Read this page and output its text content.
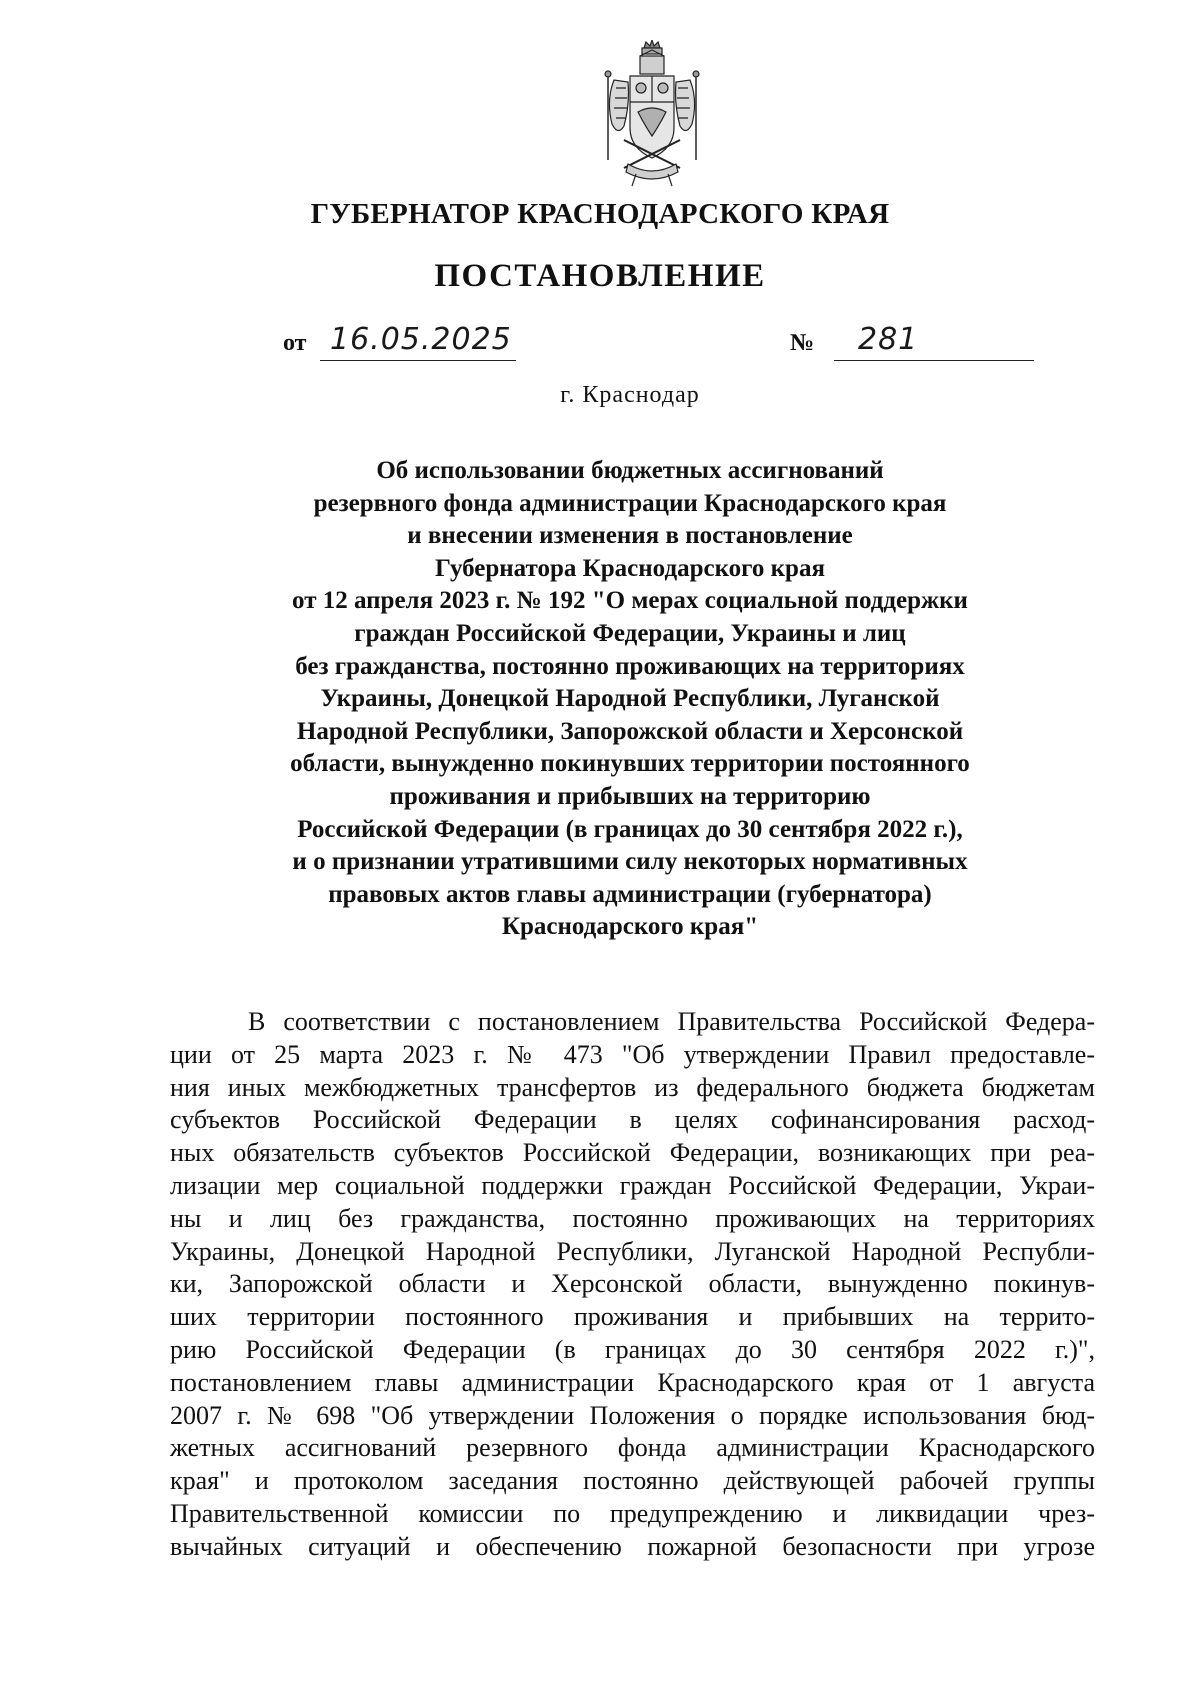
ГУБЕРНАТОР КРАСНОДАРСКОГО КРАЯ
ПОСТАНОВЛЕНИЕ
от 16.05.2025	№ 281
г. Краснодар
Об использовании бюджетных ассигнований
резервного фонда администрации Краснодарского края
и внесении изменения в постановление
Губернатора Краснодарского края
от 12 апреля 2023 г. № 192 "О мерах социальной поддержки
граждан Российской Федерации, Украины и лиц
без гражданства, постоянно проживающих на территориях
Украины, Донецкой Народной Республики, Луганской
Народной Республики, Запорожской области и Херсонской
области, вынужденно покинувших территории постоянного
проживания и прибывших на территорию
Российской Федерации (в границах до 30 сентября 2022 г.),
и о признании утратившими силу некоторых нормативных
правовых актов главы администрации (губернатора)
Краснодарского края"
В соответствии с постановлением Правительства Российской Федера-
ции от 25 марта 2023 г. № 473 "Об утверждении Правил предоставле-
ния иных межбюджетных трансфертов из федерального бюджета бюджетам
субъектов Российской Федерации в целях софинансирования расход-
ных обязательств субъектов Российской Федерации, возникающих при реа-
лизации мер социальной поддержки граждан Российской Федерации, Украи-
ны и лиц без гражданства, постоянно проживающих на территориях
Украины, Донецкой Народной Республики, Луганской Народной Республи-
ки, Запорожской области и Херсонской области, вынужденно покинув-
ших территории постоянного проживания и прибывших на террито-
рию Российской Федерации (в границах до 30 сентября 2022 г.)",
постановлением главы администрации Краснодарского края от 1 августа
2007 г. № 698 "Об утверждении Положения о порядке использования бюд-
жетных ассигнований резервного фонда администрации Краснодарского
края" и протоколом заседания постоянно действующей рабочей группы
Правительственной комиссии по предупреждению и ликвидации чрез-
вычайных ситуаций и обеспечению пожарной безопасности при угрозе
